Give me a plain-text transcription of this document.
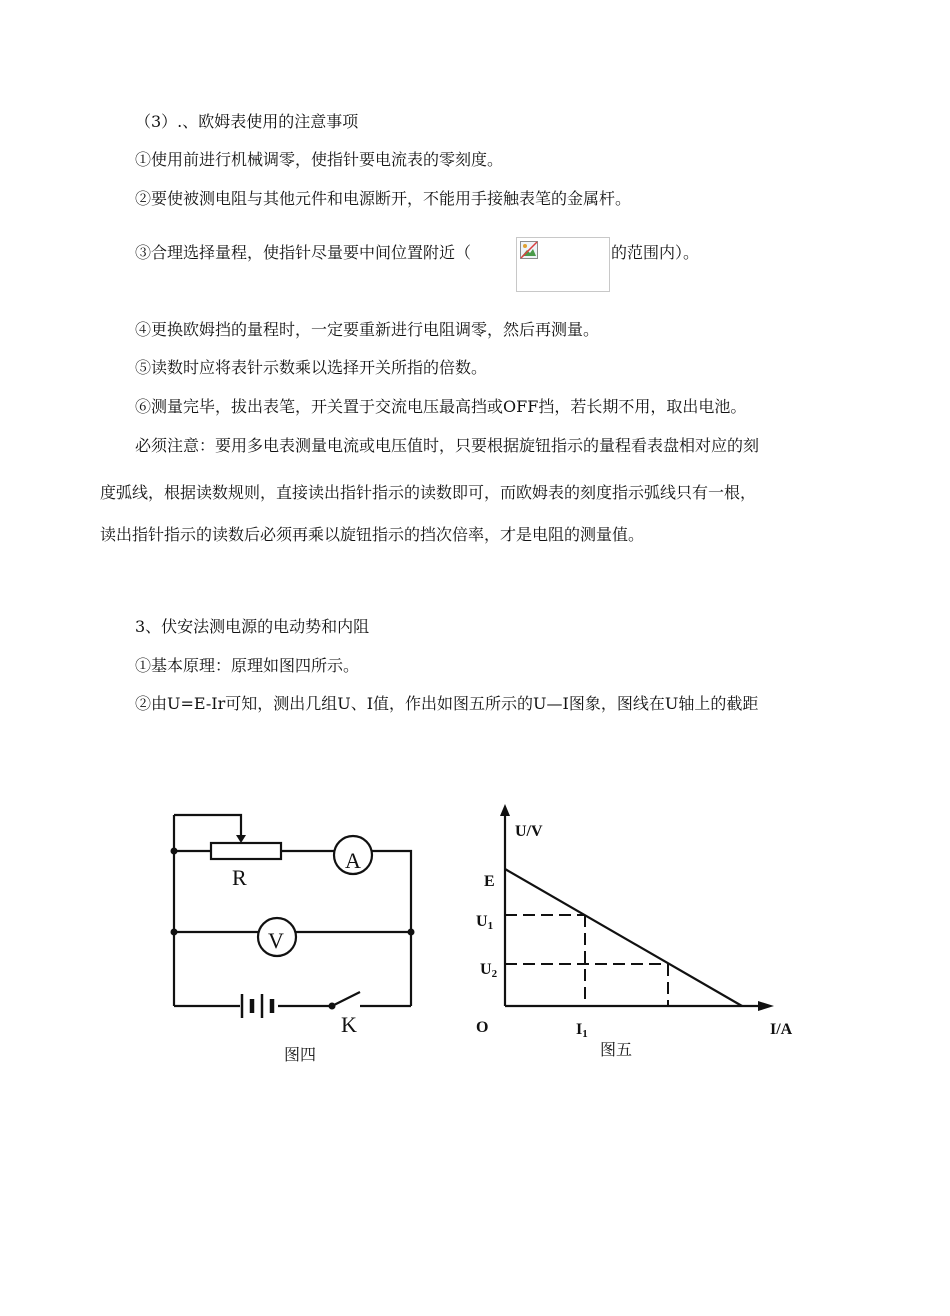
（3）.、欧姆表使用的注意事项
①使用前进行机械调零，使指针要电流表的零刻度。
②要使被测电阻与其他元件和电源断开，不能用手接触表笔的金属杆。
③合理选择量程，使指针尽量要中间位置附近（	的范围内）。
④更换欧姆挡的量程时，一定要重新进行电阻调零，然后再测量。
⑤读数时应将表针示数乘以选择开关所指的倍数。
⑥测量完毕，拔出表笔，开关置于交流电压最高挡或OFF挡，若长期不用，取出电池。
必须注意：要用多电表测量电流或电压值时，只要根据旋钮指示的量程看表盘相对应的刻
度弧线，根据读数规则，直接读出指针指示的读数即可，而欧姆表的刻度指示弧线只有一根，
读出指针指示的读数后必须再乘以旋钮指示的挡次倍率，才是电阻的测量值。
3、伏安法测电源的电动势和内阻
①基本原理：原理如图四所示。
②由U=E-Ir可知，测出几组U、I值，作出如图五所示的U—I图象，图线在U轴上的截距
R
A
V
K
图四
U/V
I/A
O
E
U1
U2
I1
图五
